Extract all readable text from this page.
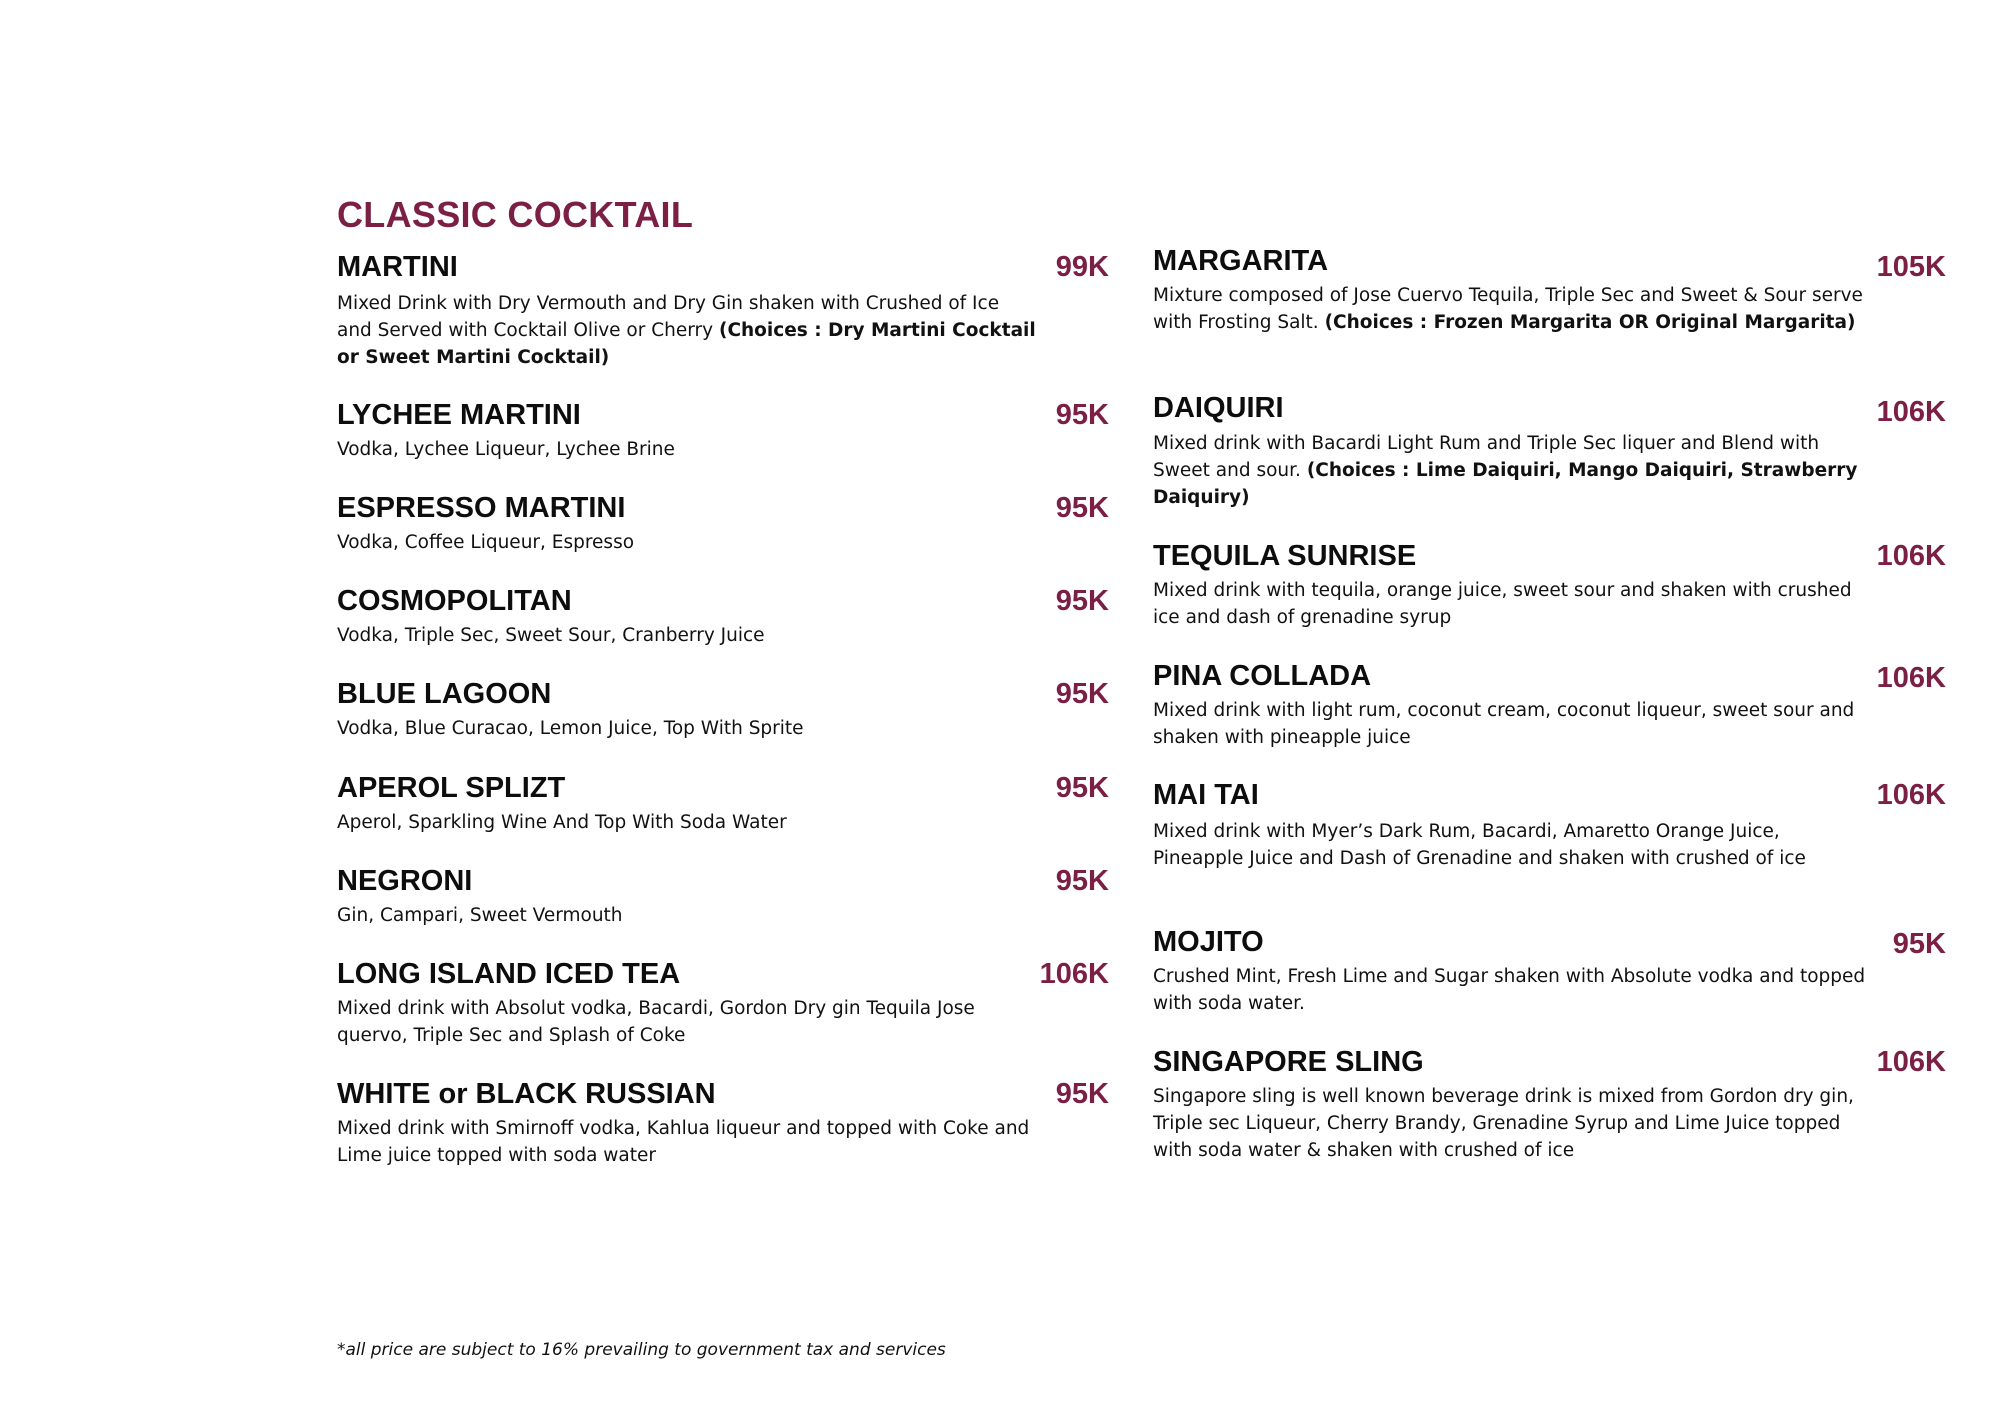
CLASSIC COCKTAIL
MARTINI	99K

Mixed Drink with Dry Vermouth and Dry Gin shaken with Crushed of Ice and Served with Cocktail Olive or Cherry (Choices : Dry Martini Cocktail or Sweet Martini Cocktail)

LYCHEE MARTINI	95K

Vodka, Lychee Liqueur, Lychee Brine

ESPRESSO MARTINI	95K

Vodka, Coffee Liqueur, Espresso

COSMOPOLITAN	95K

Vodka, Triple Sec, Sweet Sour, Cranberry Juice

BLUE LAGOON	95K

Vodka, Blue Curacao, Lemon Juice, Top With Sprite

APEROL SPLIZT	95K

Aperol, Sparkling Wine And Top With Soda Water

NEGRONI	95K

Gin, Campari, Sweet Vermouth

LONG ISLAND ICED TEA	106K

Mixed drink with Absolut vodka, Bacardi, Gordon Dry gin Tequila Jose quervo, Triple Sec and Splash of Coke

WHITE or BLACK RUSSIAN	95K

Mixed drink with Smirnoff vodka, Kahlua liqueur and topped with Coke and Lime juice topped with soda water

MARGARITA	105K

Mixture composed of Jose Cuervo Tequila, Triple Sec and Sweet & Sour serve with Frosting Salt. (Choices : Frozen Margarita OR Original Margarita)

DAIQUIRI	106K

Mixed drink with Bacardi Light Rum and Triple Sec liquer and Blend with Sweet and sour. (Choices : Lime Daiquiri, Mango Daiquiri, Strawberry Daiquiry)

TEQUILA SUNRISE	106K

Mixed drink with tequila, orange juice, sweet sour and shaken with crushed ice and dash of grenadine syrup

PINA COLLADA	106K

Mixed drink with light rum, coconut cream, coconut liqueur, sweet sour and shaken with pineapple juice

MAI TAI	106K

Mixed drink with Myer’s Dark Rum, Bacardi, Amaretto Orange Juice, Pineapple Juice and Dash of Grenadine and shaken with crushed of ice

MOJITO	95K

Crushed Mint, Fresh Lime and Sugar shaken with Absolute vodka and topped with soda water.

SINGAPORE SLING	106K

Singapore sling is well known beverage drink is mixed from Gordon dry gin, Triple sec Liqueur, Cherry Brandy, Grenadine Syrup and Lime Juice topped with soda water & shaken with crushed of ice

*all price are subject to 16% prevailing to government tax and services
